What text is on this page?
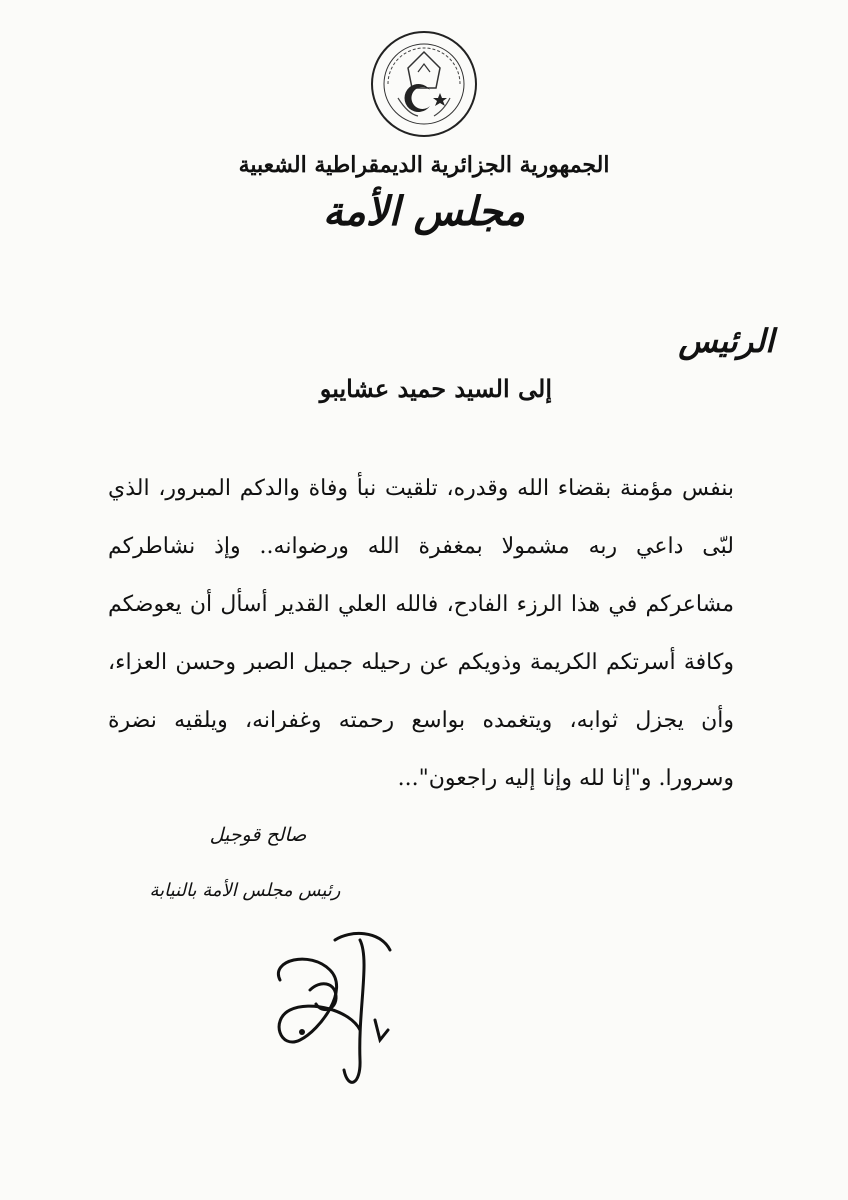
الجمهورية الجزائرية الديمقراطية الشعبية
مجلس الأمة
الرئيس
إلى السيد حميد عشايبو

بنفس مؤمنة بقضاء الله وقدره، تلقيت نبأ وفاة والدكم المبرور، الذي لبّى داعي ربه مشمولا بمغفرة الله ورضوانه.. وإذ نشاطركم مشاعركم في هذا الرزء الفادح، فالله العلي القدير أسأل أن يعوضكم وكافة أسرتكم الكريمة وذويكم عن رحيله جميل الصبر وحسن العزاء، وأن يجزل ثوابه، ويتغمده بواسع رحمته وغفرانه، ويلقيه نضرة وسرورا. و"إنا لله وإنا إليه راجعون"...

صالح قوجيل
رئيس مجلس الأمة بالنيابة
